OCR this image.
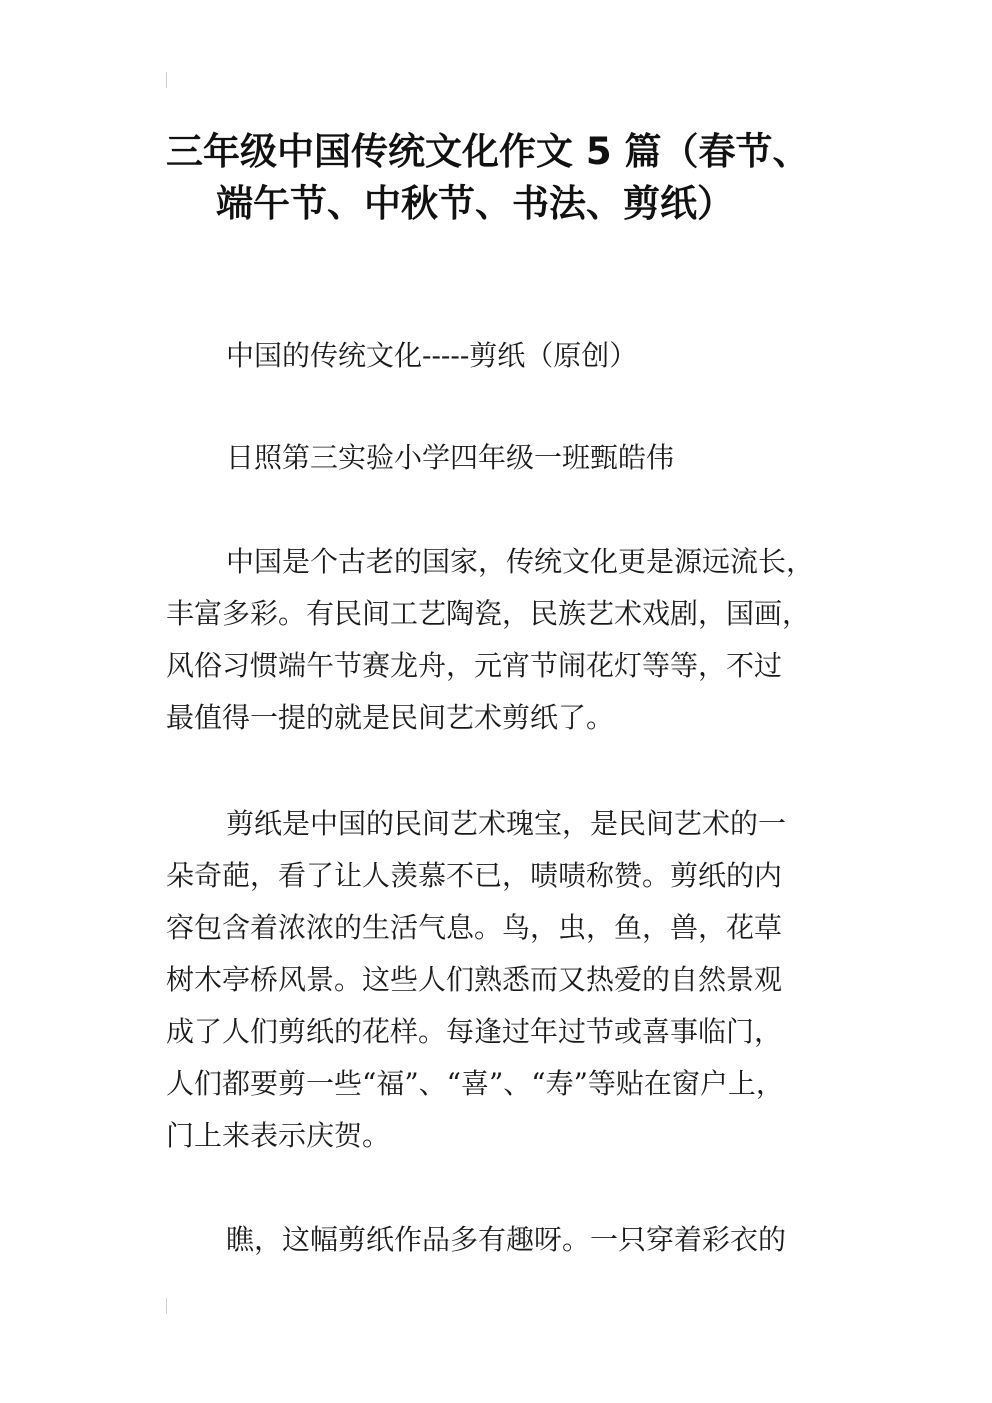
三年级中国传统文化作文 5 篇（春节、
端午节、中秋节、书法、剪纸）

中国的传统文化-----剪纸（原创）

日照第三实验小学四年级一班甄皓伟

中国是个古老的国家，传统文化更是源远流长，
丰富多彩。有民间工艺陶瓷，民族艺术戏剧，国画，
风俗习惯端午节赛龙舟，元宵节闹花灯等等，不过
最值得一提的就是民间艺术剪纸了。

剪纸是中国的民间艺术瑰宝，是民间艺术的一
朵奇葩，看了让人羡慕不已，啧啧称赞。剪纸的内
容包含着浓浓的生活气息。鸟，虫，鱼，兽，花草
树木亭桥风景。这些人们熟悉而又热爱的自然景观
成了人们剪纸的花样。每逢过年过节或喜事临门，
人们都要剪一些“福”、“喜”、“寿”等贴在窗户上，
门上来表示庆贺。

瞧，这幅剪纸作品多有趣呀。一只穿着彩衣的
